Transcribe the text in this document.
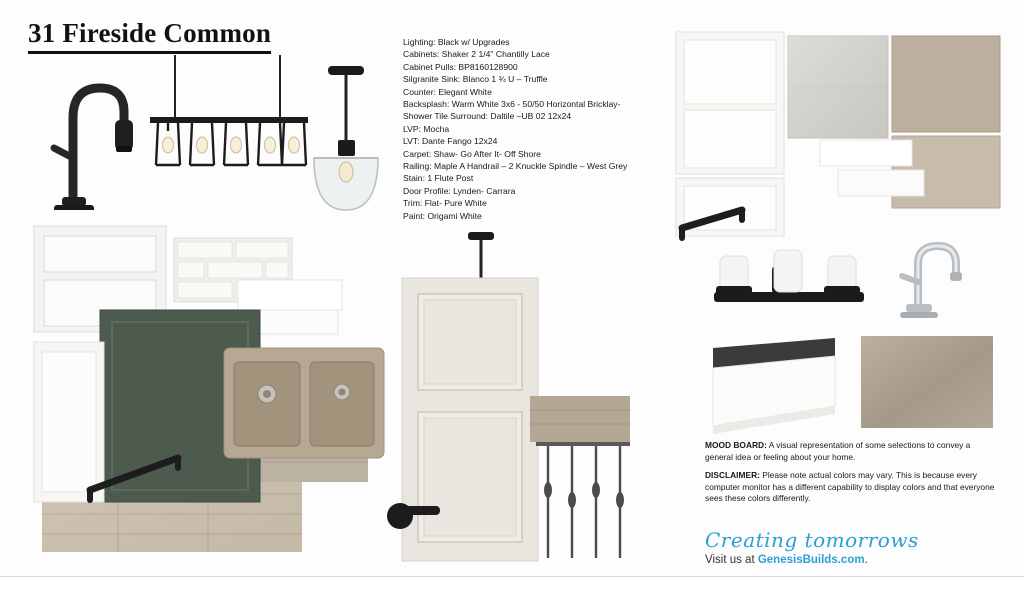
31 Fireside Common	Lighting: Black w/ Upgrades
Cabinets: Shaker 2 1/4" Chantilly Lace
Cabinet Pulls: BP8160128900
Silgranite Sink: Blanco 1 ¾ U – Truffle
Counter: Elegant White
Backsplash: Warm White 3x6 - 50/50 Horizontal Bricklay-
Shower Tile Surround: Daltile –UB 02 12x24
LVP: Mocha
LVT: Dante Fango 12x24
Carpet: Shaw- Go After It- Off Shore
Railing: Maple A Handrail – 2 Knuckle Spindle – West Grey Stain: 1 Flute Post
Door Profile: Lynden- Carrara
Trim: Flat- Pure White
Paint: Origami White

MOOD BOARD: A visual representation of some selections to convey a general idea or feeling about your home.

DISCLAIMER: Please note actual colors may vary. This is because every computer monitor has a different capability to display colors and that everyone sees these colors differently.

Creating tomorrows
Visit us at GenesisBuilds.com.
